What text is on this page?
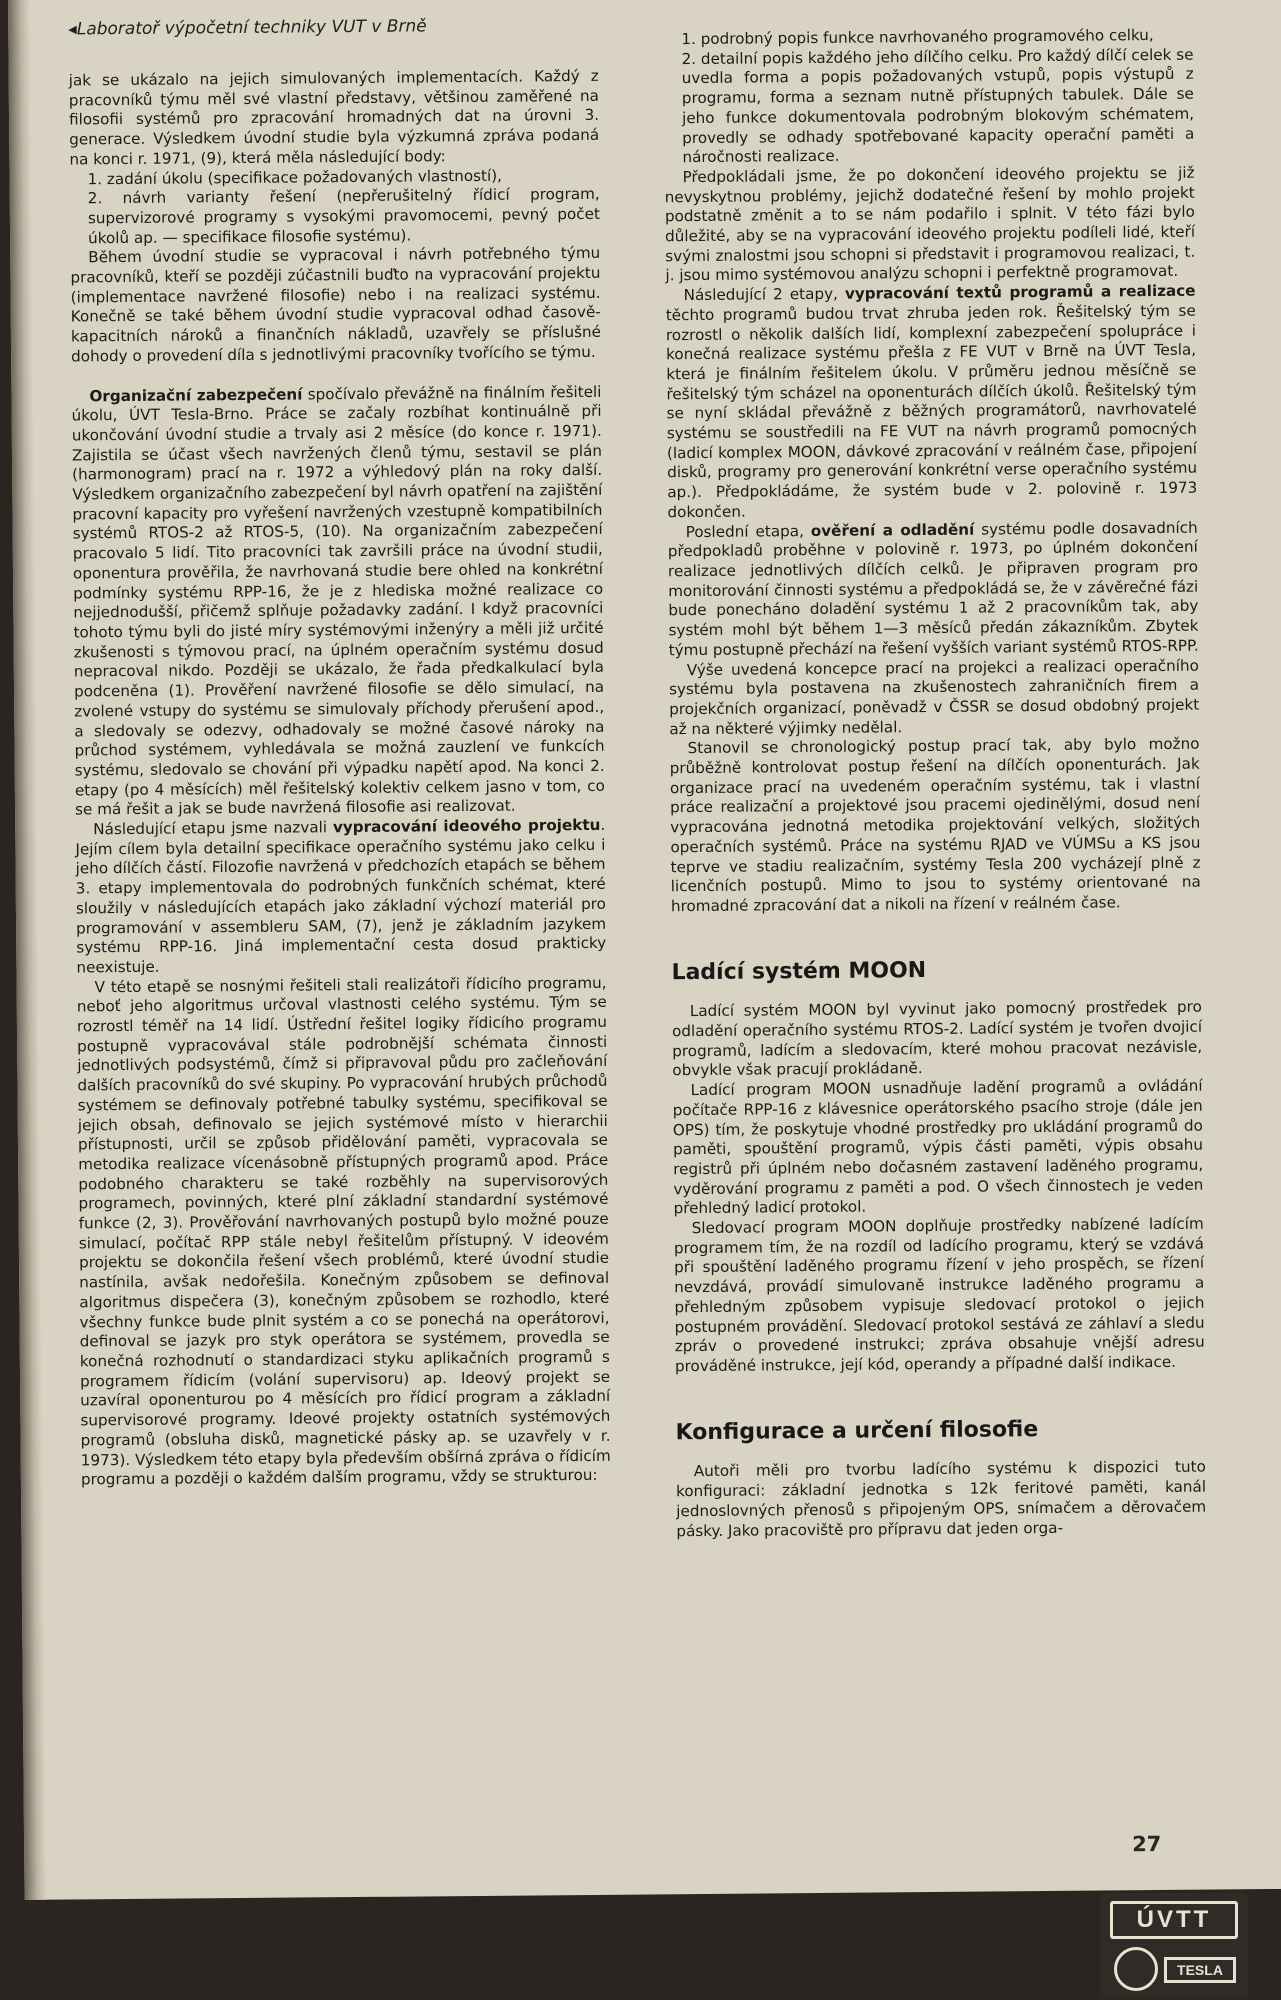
◂Laboratoř výpočetní techniky VUT v Brně

jak se ukázalo na jejich simulovaných implementacích. Každý z pracovníků týmu měl své vlastní představy, většinou zaměřené na filosofii systémů pro zpracování hromadných dat na úrovni 3. generace. Výsledkem úvodní studie byla výzkumná zpráva podaná na konci r. 1971, (9), která měla následující body:

1. zadání úkolu (specifikace požadovaných vlastností),
2. návrh varianty řešení (nepřerušitelný řídicí program, supervizorové programy s vysokými pravomocemi, pevný počet úkolů ap. — specifikace filosofie systému).

Během úvodní studie se vypracoval i návrh potřebného týmu pracovníků, kteří se později zúčastnili buďto na vypracování projektu (implementace navržené filosofie) nebo i na realizaci systému. Konečně se také během úvodní studie vypracoval odhad časově-kapacitních nároků a finančních nákladů, uzavřely se příslušné dohody o provedení díla s jednotlivými pracovníky tvořícího se týmu.

Organizační zabezpečení spočívalo převážně na finálním řešiteli úkolu, ÚVT Tesla-Brno. Práce se začaly rozbíhat kontinuálně při ukončování úvodní studie a trvaly asi 2 měsíce (do konce r. 1971). Zajistila se účast všech navržených členů týmu, sestavil se plán (harmonogram) prací na r. 1972 a výhledový plán na roky další. Výsledkem organizačního zabezpečení byl návrh opatření na zajištění pracovní kapacity pro vyřešení navržených vzestupně kompatibilních systémů RTOS-2 až RTOS-5, (10). Na organizačním zabezpečení pracovalo 5 lidí. Tito pracovníci tak završili práce na úvodní studii, oponentura prověřila, že navrhovaná studie bere ohled na konkrétní podmínky systému RPP-16, že je z hlediska možné realizace co nejjednodušší, přičemž splňuje požadavky zadání. I když pracovníci tohoto týmu byli do jisté míry systémovými inženýry a měli již určité zkušenosti s týmovou prací, na úplném operačním systému dosud nepracoval nikdo. Později se ukázalo, že řada předkalkulací byla podceněna (1). Prověření navržené filosofie se dělo simulací, na zvolené vstupy do systému se simulovaly příchody přerušení apod., a sledovaly se odezvy, odhadovaly se možné časové nároky na průchod systémem, vyhledávala se možná zauzlení ve funkcích systému, sledovalo se chování při výpadku napětí apod. Na konci 2. etapy (po 4 měsících) měl řešitelský kolektiv celkem jasno v tom, co se má řešit a jak se bude navržená filosofie asi realizovat.

Následující etapu jsme nazvali vypracování ideového projektu. Jejím cílem byla detailní specifikace operačního systému jako celku i jeho dílčích částí. Filozofie navržená v předchozích etapách se během 3. etapy implementovala do podrobných funkčních schémat, které sloužily v následujících etapách jako základní výchozí materiál pro programování v assembleru SAM, (7), jenž je základním jazykem systému RPP-16. Jiná implementační cesta dosud prakticky neexistuje.

V této etapě se nosnými řešiteli stali realizátoři řídicího programu, neboť jeho algoritmus určoval vlastnosti celého systému. Tým se rozrostl téměř na 14 lidí. Ústřední řešitel logiky řídicího programu postupně vypracovával stále podrobnější schémata činnosti jednotlivých podsystémů, čímž si připravoval půdu pro začleňování dalších pracovníků do své skupiny. Po vypracování hrubých průchodů systémem se definovaly potřebné tabulky systému, specifikoval se jejich obsah, definovalo se jejich systémové místo v hierarchii přístupnosti, určil se způsob přidělování paměti, vypracovala se metodika realizace vícenásobně přístupných programů apod. Práce podobného charakteru se také rozběhly na supervisorových programech, povinných, které plní základní standardní systémové funkce (2, 3). Prověřování navrhovaných postupů bylo možné pouze simulací, počítač RPP stále nebyl řešitelům přístupný. V ideovém projektu se dokončila řešení všech problémů, které úvodní studie nastínila, avšak nedořešila. Konečným způsobem se definoval algoritmus dispečera (3), konečným způsobem se rozhodlo, které všechny funkce bude plnit systém a co se ponechá na operátorovi, definoval se jazyk pro styk operátora se systémem, provedla se konečná rozhodnutí o standardizaci styku aplikačních programů s programem řídicím (volání supervisoru) ap. Ideový projekt se uzavíral oponenturou po 4 měsících pro řídicí program a základní supervisorové programy. Ideové projekty ostatních systémových programů (obsluha disků, magnetické pásky ap. se uzavřely v r. 1973). Výsledkem této etapy byla především obšírná zpráva o řídicím programu a později o každém dalším programu, vždy se strukturou:

1. podrobný popis funkce navrhovaného programového celku,
2. detailní popis každého jeho dílčího celku. Pro každý dílčí celek se uvedla forma a popis požadovaných vstupů, popis výstupů z programu, forma a seznam nutně přístupných tabulek. Dále se jeho funkce dokumentovala podrobným blokovým schématem, provedly se odhady spotřebované kapacity operační paměti a náročnosti realizace.

Předpokládali jsme, že po dokončení ideového projektu se již nevyskytnou problémy, jejichž dodatečné řešení by mohlo projekt podstatně změnit a to se nám podařilo i splnit. V této fázi bylo důležité, aby se na vypracování ideového projektu podíleli lidé, kteří svými znalostmi jsou schopni si představit i programovou realizaci, t. j. jsou mimo systémovou analýzu schopni i perfektně programovat.

Následující 2 etapy, vypracování textů programů a realizace těchto programů budou trvat zhruba jeden rok. Řešitelský tým se rozrostl o několik dalších lidí, komplexní zabezpečení spolupráce i konečná realizace systému přešla z FE VUT v Brně na ÚVT Tesla, která je finálním řešitelem úkolu. V průměru jednou měsíčně se řešitelský tým scházel na oponenturách dílčích úkolů. Řešitelský tým se nyní skládal převážně z běžných programátorů, navrhovatelé systému se soustředili na FE VUT na návrh programů pomocných (ladicí komplex MOON, dávkové zpracování v reálném čase, připojení disků, programy pro generování konkrétní verse operačního systému ap.). Předpokládáme, že systém bude v 2. polovině r. 1973 dokončen.

Poslední etapa, ověření a odladění systému podle dosavadních předpokladů proběhne v polovině r. 1973, po úplném dokončení realizace jednotlivých dílčích celků. Je připraven program pro monitorování činnosti systému a předpokládá se, že v závěrečné fázi bude ponecháno doladění systému 1 až 2 pracovníkům tak, aby systém mohl být během 1—3 měsíců předán zákazníkům. Zbytek týmu postupně přechází na řešení vyšších variant systémů RTOS-RPP.

Výše uvedená koncepce prací na projekci a realizaci operačního systému byla postavena na zkušenostech zahraničních firem a projekčních organizací, poněvadž v ČSSR se dosud obdobný projekt až na některé výjimky nedělal.

Stanovil se chronologický postup prací tak, aby bylo možno průběžně kontrolovat postup řešení na dílčích oponenturách. Jak organizace prací na uvedeném operačním systému, tak i vlastní práce realizační a projektové jsou pracemi ojedinělými, dosud není vypracována jednotná metodika projektování velkých, složitých operačních systémů. Práce na systému RJAD ve VÚMSu a KS jsou teprve ve stadiu realizačním, systémy Tesla 200 vycházejí plně z licenčních postupů. Mimo to jsou to systémy orientované na hromadné zpracování dat a nikoli na řízení v reálném čase.

Ladící systém MOON

Ladící systém MOON byl vyvinut jako pomocný prostředek pro odladění operačního systému RTOS-2. Ladící systém je tvořen dvojicí programů, ladícím a sledovacím, které mohou pracovat nezávisle, obvykle však pracují prokládaně.

Ladící program MOON usnadňuje ladění programů a ovládání počítače RPP-16 z klávesnice operátorského psacího stroje (dále jen OPS) tím, že poskytuje vhodné prostředky pro ukládání programů do paměti, spouštění programů, výpis části paměti, výpis obsahu registrů při úplném nebo dočasném zastavení laděného programu, vyděrování programu z paměti a pod. O všech činnostech je veden přehledný ladicí protokol.

Sledovací program MOON doplňuje prostředky nabízené ladícím programem tím, že na rozdíl od ladícího programu, který se vzdává při spouštění laděného programu řízení v jeho prospěch, se řízení nevzdává, provádí simulovaně instrukce laděného programu a přehledným způsobem vypisuje sledovací protokol o jejich postupném provádění. Sledovací protokol sestává ze záhlaví a sledu zpráv o provedené instrukci; zpráva obsahuje vnější adresu prováděné instrukce, její kód, operandy a případné další indikace.

Konfigurace a určení filosofie

Autoři měli pro tvorbu ladícího systému k dispozici tuto konfiguraci: základní jednotka s 12k feritové paměti, kanál jednoslovných přenosů s připojeným OPS, snímačem a děrovačem pásky. Jako pracoviště pro přípravu dat jeden orga-

27
ÚVTT
TESLA
